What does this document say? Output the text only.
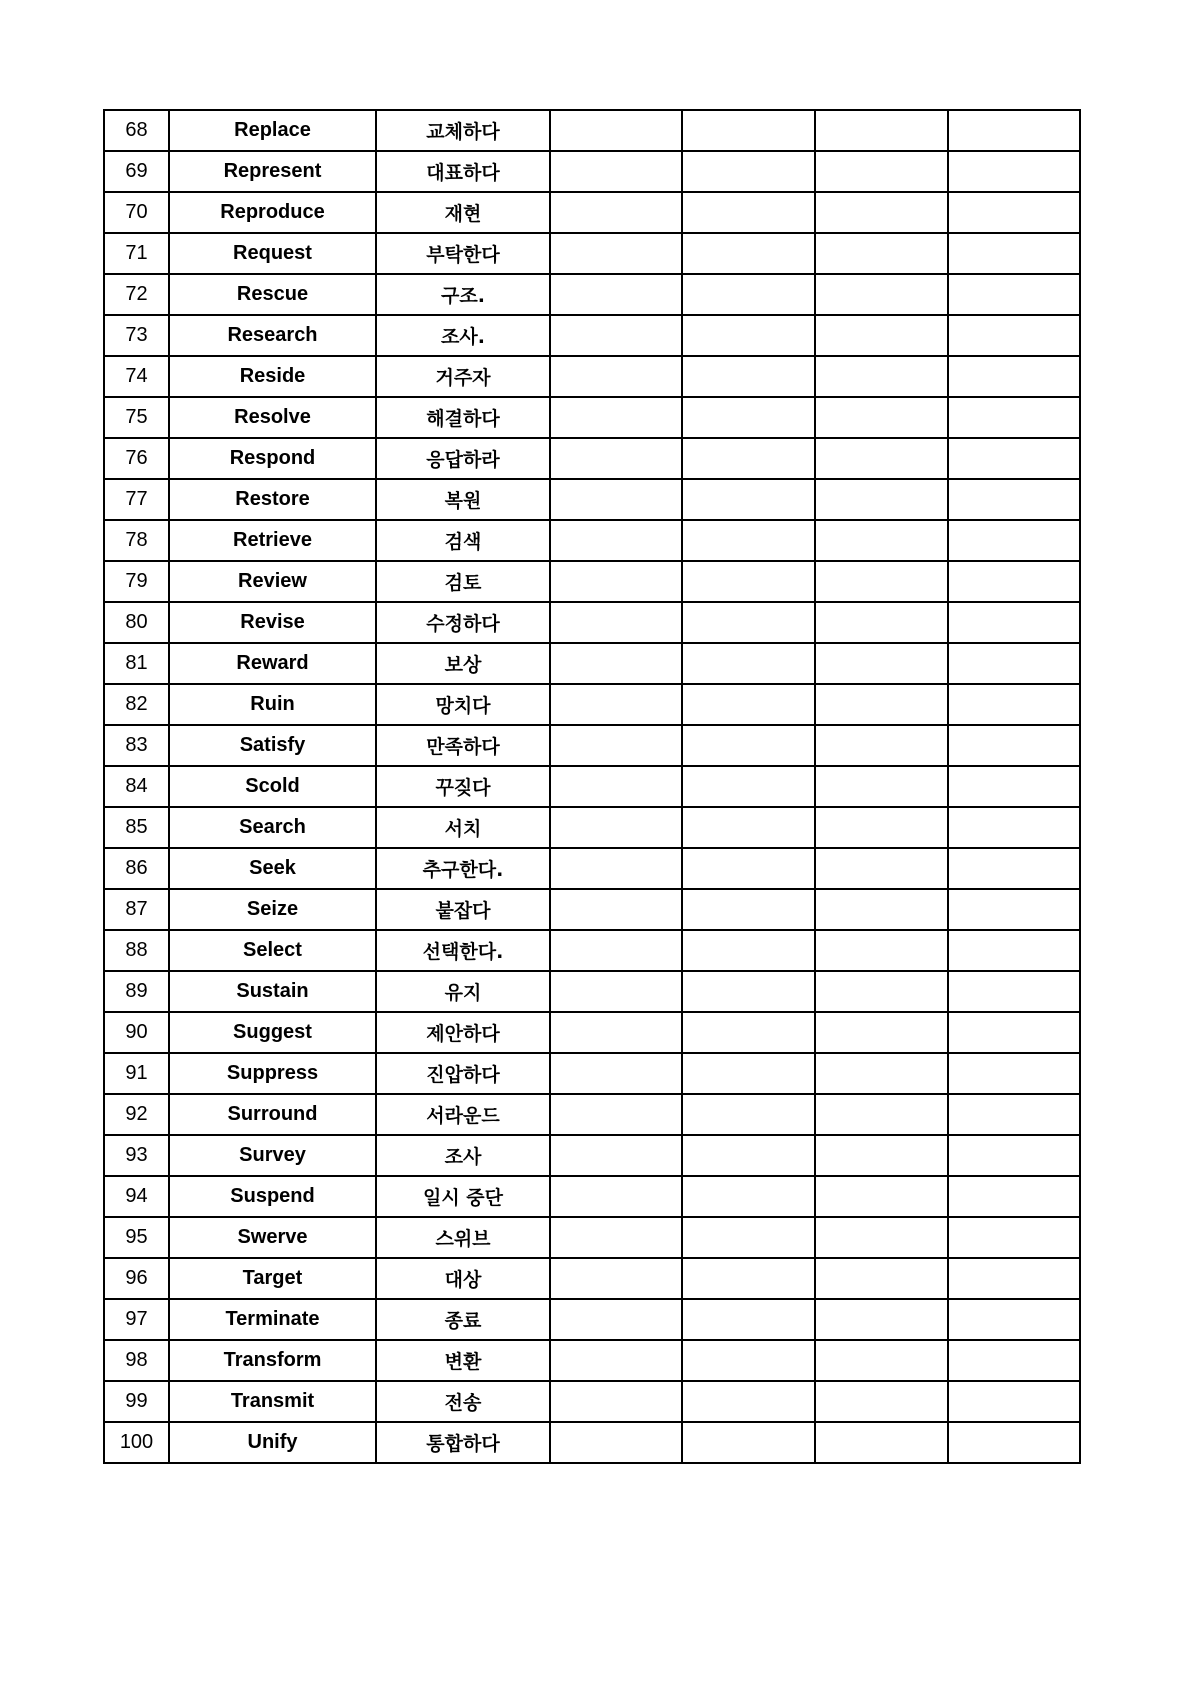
68	Replace	교체하다				
69	Represent	대표하다				
70	Reproduce	재현				
71	Request	부탁한다				
72	Rescue	구조.				
73	Research	조사.				
74	Reside	거주자				
75	Resolve	해결하다				
76	Respond	응답하라				
77	Restore	복원				
78	Retrieve	검색				
79	Review	검토				
80	Revise	수정하다				
81	Reward	보상				
82	Ruin	망치다				
83	Satisfy	만족하다				
84	Scold	꾸짖다				
85	Search	서치				
86	Seek	추구한다.				
87	Seize	붙잡다				
88	Select	선택한다.				
89	Sustain	유지				
90	Suggest	제안하다				
91	Suppress	진압하다				
92	Surround	서라운드				
93	Survey	조사				
94	Suspend	일시 중단				
95	Swerve	스위브				
96	Target	대상				
97	Terminate	종료				
98	Transform	변환				
99	Transmit	전송				
100	Unify	통합하다				
